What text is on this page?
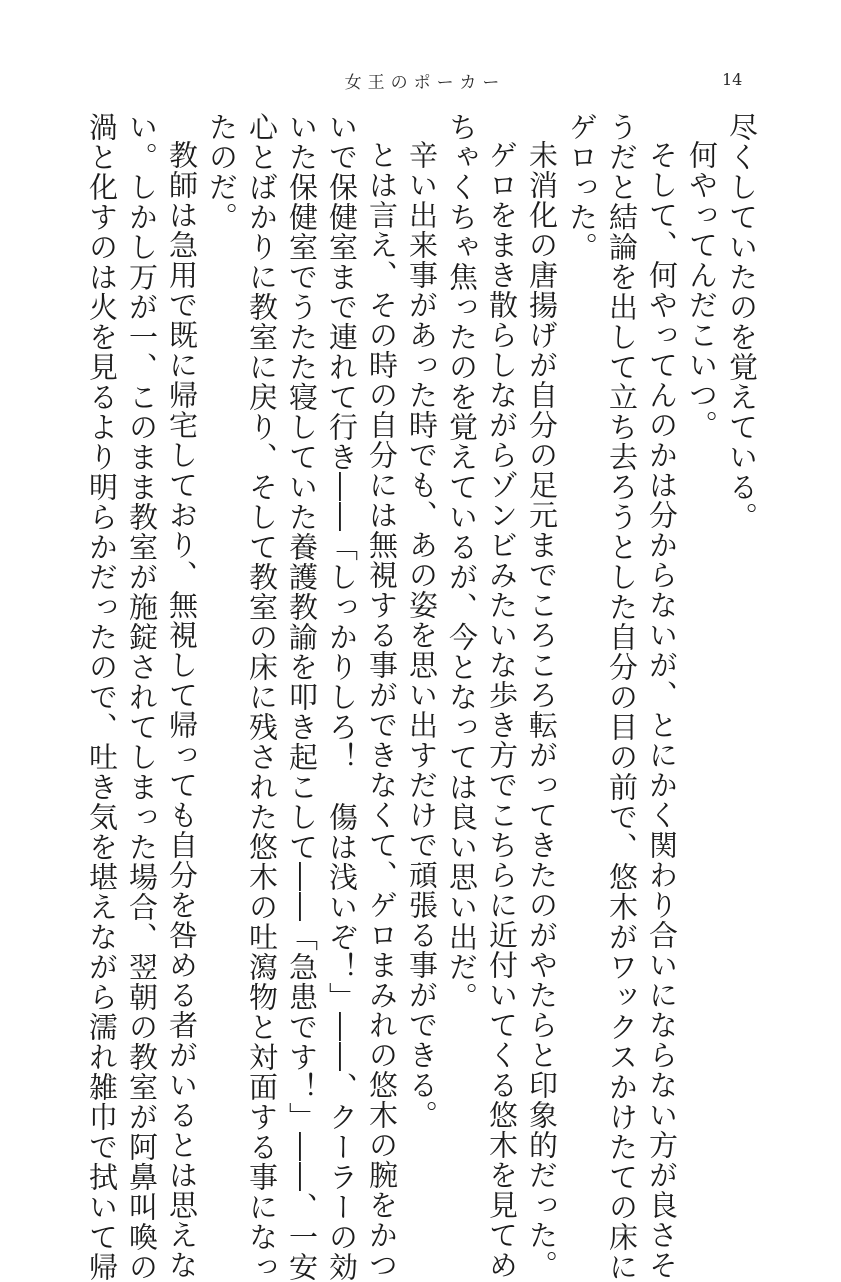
女王のポーカー	14

尽くしていたのを覚えている。

何やってんだこいつ。

そして、何やってんのかは分からないが、とにかく関わり合いにならない方が良さそ

うだと結論を出して立ち去ろうとした自分の目の前で、悠木がワックスかけたての床に

ゲロった。

未消化の唐揚げが自分の足元までころころ転がってきたのがやたらと印象的だった。

ゲロをまき散らしながらゾンビみたいな歩き方でこちらに近付いてくる悠木を見てめ

ちゃくちゃ焦ったのを覚えているが、今となっては良い思い出だ。

辛い出来事があった時でも、あの姿を思い出すだけで頑張る事ができる。

とは言え、その時の自分には無視する事ができなくて、ゲロまみれの悠木の腕をかつ

いで保健室まで連れて行き――「しっかりしろ！　傷は浅いぞ！」――、クーラーの効

いた保健室でうたた寝していた養護教諭を叩き起こして――「急患です！」――、一安

心とばかりに教室に戻り、そして教室の床に残された悠木の吐瀉物と対面する事になっ

たのだ。

教師は急用で既に帰宅しており、無視して帰っても自分を咎める者がいるとは思えな

い。しかし万が一、このまま教室が施錠されてしまった場合、翌朝の教室が阿鼻叫喚の

渦と化すのは火を見るより明らかだったので、吐き気を堪えながら濡れ雑巾で拭いて帰
